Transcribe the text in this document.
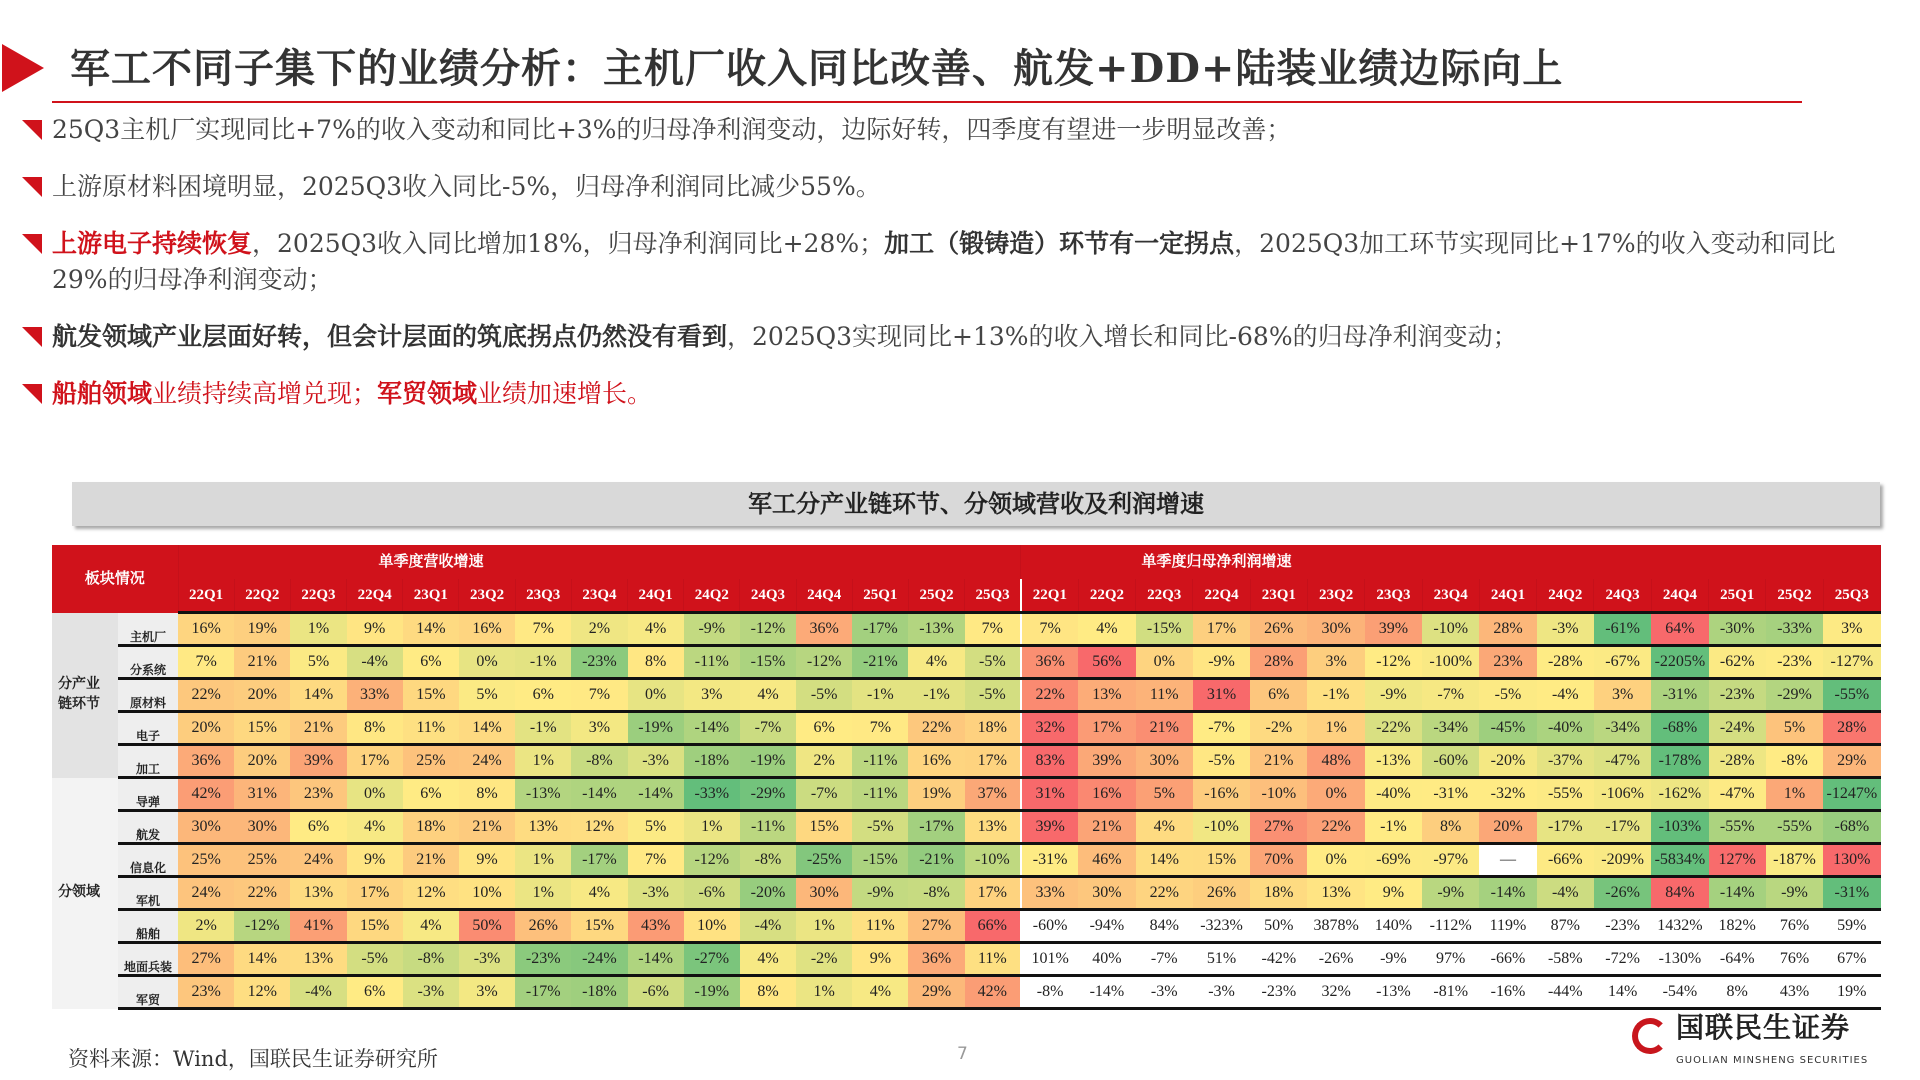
军工不同子集下的业绩分析：主机厂收入同比改善、航发+DD+陆装业绩边际向上
25Q3主机厂实现同比+7%的收入变动和同比+3%的归母净利润变动，边际好转，四季度有望进一步明显改善；
上游原材料困境明显，2025Q3收入同比-5%，归母净利润同比减少55%。
上游电子持续恢复，2025Q3收入同比增加18%，归母净利润同比+28%；加工（锻铸造）环节有一定拐点，2025Q3加工环节实现同比+17%的收入变动和同比29%的归母净利润变动；
航发领域产业层面好转，但会计层面的筑底拐点仍然没有看到，2025Q3实现同比+13%的收入增长和同比-68%的归母净利润变动；
船舶领域业绩持续高增兑现；军贸领域业绩加速增长。
军工分产业链环节、分领域营收及利润增速
板块情况		单季度营收增速															单季度归母净利润增速														
		22Q1	22Q2	22Q3	22Q4	23Q1	23Q2	23Q3	23Q4	24Q1	24Q2	24Q3	24Q4	25Q1	25Q2	25Q3	22Q1	22Q2	22Q3	22Q4	23Q1	23Q2	23Q3	23Q4	24Q1	24Q2	24Q3	24Q4	25Q1	25Q2	25Q3
分产业
链环节	主机厂	16%	19%	1%	9%	14%	16%	7%	2%	4%	-9%	-12%	36%	-17%	-13%	7%	7%	4%	-15%	17%	26%	30%	39%	-10%	28%	-3%	-61%	64%	-30%	-33%	3%
	分系统	7%	21%	5%	-4%	6%	0%	-1%	-23%	8%	-11%	-15%	-12%	-21%	4%	-5%	36%	56%	0%	-9%	28%	3%	-12%	-100%	23%	-28%	-67%	-2205%	-62%	-23%	-127%
	原材料	22%	20%	14%	33%	15%	5%	6%	7%	0%	3%	4%	-5%	-1%	-1%	-5%	22%	13%	11%	31%	6%	-1%	-9%	-7%	-5%	-4%	3%	-31%	-23%	-29%	-55%
	电子	20%	15%	21%	8%	11%	14%	-1%	3%	-19%	-14%	-7%	6%	7%	22%	18%	32%	17%	21%	-7%	-2%	1%	-22%	-34%	-45%	-40%	-34%	-68%	-24%	5%	28%
	加工	36%	20%	39%	17%	25%	24%	1%	-8%	-3%	-18%	-19%	2%	-11%	16%	17%	83%	39%	30%	-5%	21%	48%	-13%	-60%	-20%	-37%	-47%	-178%	-28%	-8%	29%
分领域	导弹	42%	31%	23%	0%	6%	8%	-13%	-14%	-14%	-33%	-29%	-7%	-11%	19%	37%	31%	16%	5%	-16%	-10%	0%	-40%	-31%	-32%	-55%	-106%	-162%	-47%	1%	-1247%
	航发	30%	30%	6%	4%	18%	21%	13%	12%	5%	1%	-11%	15%	-5%	-17%	13%	39%	21%	4%	-10%	27%	22%	-1%	8%	20%	-17%	-17%	-103%	-55%	-55%	-68%
	信息化	25%	25%	24%	9%	21%	9%	1%	-17%	7%	-12%	-8%	-25%	-15%	-21%	-10%	-31%	46%	14%	15%	70%	0%	-69%	-97%	—	-66%	-209%	-5834%	127%	-187%	130%
	军机	24%	22%	13%	17%	12%	10%	1%	4%	-3%	-6%	-20%	30%	-9%	-8%	17%	33%	30%	22%	26%	18%	13%	9%	-9%	-14%	-4%	-26%	84%	-14%	-9%	-31%
	船舶	2%	-12%	41%	15%	4%	50%	26%	15%	43%	10%	-4%	1%	11%	27%	66%	-60%	-94%	84%	-323%	50%	3878%	140%	-112%	119%	87%	-23%	1432%	182%	76%	59%
	地面兵装	27%	14%	13%	-5%	-8%	-3%	-23%	-24%	-14%	-27%	4%	-2%	9%	36%	11%	101%	40%	-7%	51%	-42%	-26%	-9%	97%	-66%	-58%	-72%	-130%	-64%	76%	67%
	军贸	23%	12%	-4%	6%	-3%	3%	-17%	-18%	-6%	-19%	8%	1%	4%	29%	42%	-8%	-14%	-3%	-3%	-23%	32%	-13%	-81%	-16%	-44%	14%	-54%	8%	43%	19%
资料来源：Wind，国联民生证券研究所	7
国联民生证券
GUOLIAN MINSHENG SECURITIES
